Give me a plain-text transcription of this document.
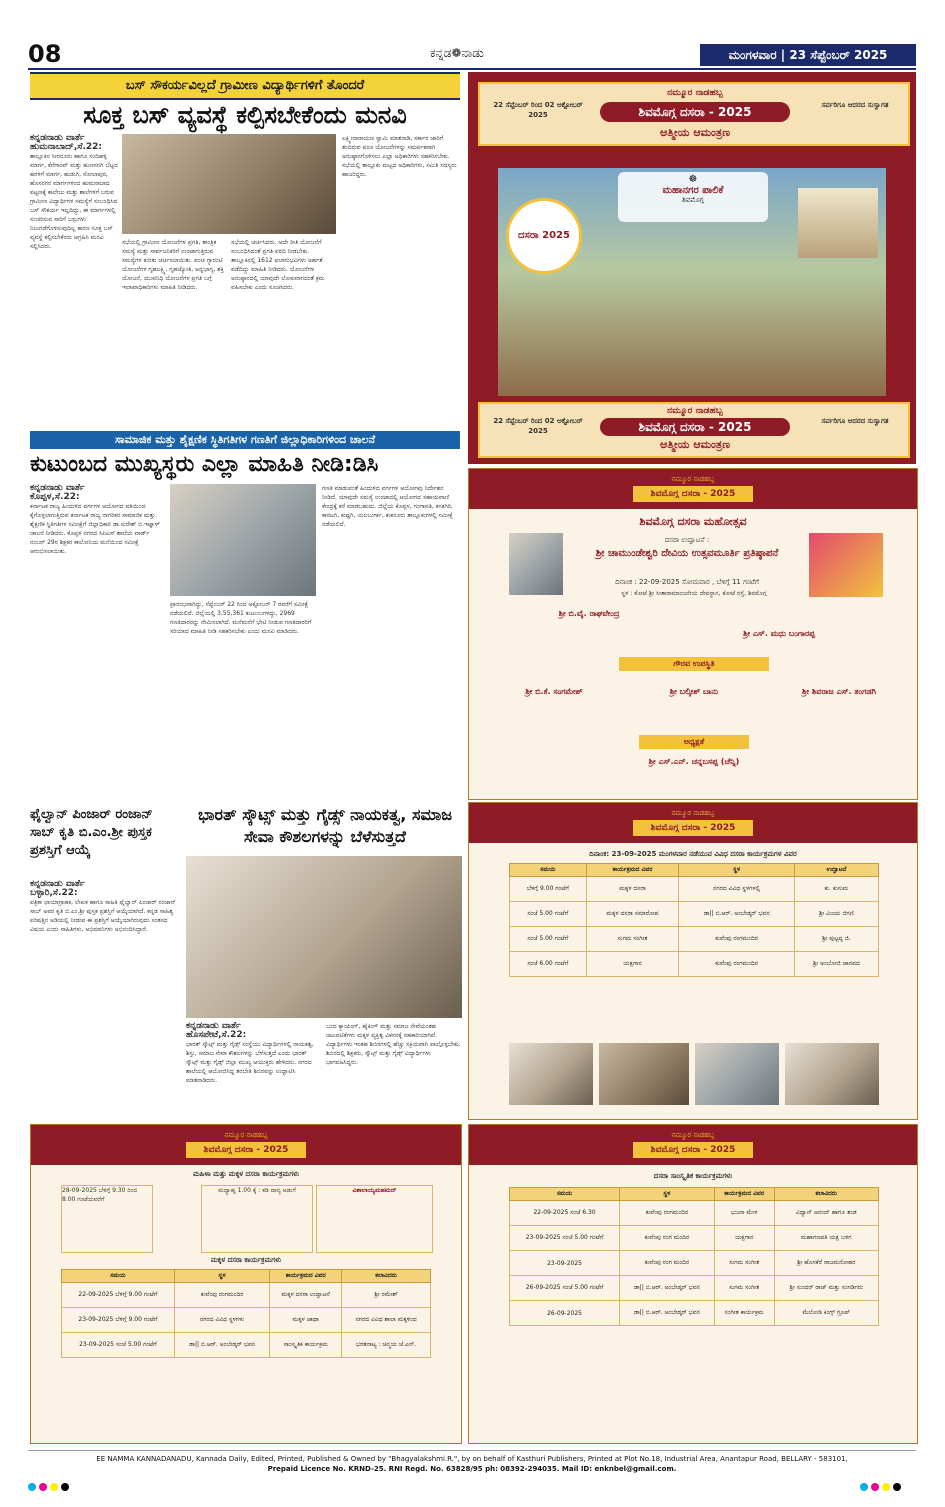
08	ಕನ್ನಡ❁ನಾಡು	ಮಂಗಳವಾರ | 23 ಸೆಪ್ಟೆಂಬರ್ 2025
ಬಸ್ ಸೌಕರ್ಯವಿಲ್ಲದೆ ಗ್ರಾಮೀಣ ವಿದ್ಯಾರ್ಥಿಗಳಿಗೆ ತೊಂದರೆ
ಸೂಕ್ತ ಬಸ್ ವ್ಯವಸ್ಥೆ ಕಲ್ಪಿಸಬೇಕೆಂದು ಮನವಿ

ಕನ್ನಡನಾಡು ವಾರ್ತೆ

ಹುಮನಾಬಾದ್,ಸೆ.22:

ತಾಲ್ಲೂಕಿನ ಸೀರನೂರು ಹಾಗೂ ಸಂದಿಹಳ್ಳಿ ಮಾರ್ಗ, ಕೆರೆಗಾಂವ್ ಮತ್ತು ಹುಣಸನಗಿ ಬೆಟ್ಟದ ಹರಳಿಗೆ ಮಾರ್ಗ, ಹುಡುಗಿ, ಸೋಲಾಪುರ, ಹೊಸನಗರ ಮಾರ್ಗಗಳಿಂದ ಹುಮನಾಬಾದ ಪಟ್ಟಣಕ್ಕೆ ಕಾಲೇಜು ಮತ್ತು ಶಾಲೆಗಳಿಗೆ ಬರುವ ಗ್ರಾಮೀಣ ವಿದ್ಯಾರ್ಥಿಗಳ ಸಮಸ್ಯೆಗೆ ಸಂಬಂಧಿಸಿದ ಬಸ್ ಸೌಕರ್ಯ ಇಲ್ಲದಿದ್ದು, ಈ ಮಾರ್ಗಗಳಲ್ಲಿ ಸಂಚರಿಸುವ ಸಾರಿಗೆ ಬಸ್ಸುಗಳು ನಿಲುಗಡೆಗೊಳಿಸುವುದಿಲ್ಲ ಕಾರಣ ಸೂಕ್ತ ಬಸ್ ವ್ಯವಸ್ಥೆ ಕಲ್ಪಿಸಬೇಕೆಂದು ಆಗ್ರಹಿಸಿ ಮನವಿ ಸಲ್ಲಿಸಿದರು.

ಸಭೆಯಲ್ಲಿ ಗ್ರಾಮೀಣ ಯೋಜನೆಗಳ ಪ್ರಗತಿ, ತಾಂತ್ರಿಕ ಸಮಸ್ಯೆ ಮತ್ತು ಸಾರ್ವಜನಿಕರಿಗೆ ಉಂಟಾಗುತ್ತಿರುವ ಸಮಸ್ಯೆಗಳ ಕುರಿತು ಚರ್ಚಿಸಲಾಯಿತು. ಪಂಚ ಗ್ಯಾರಂಟಿ ಯೋಜನೆಗಳ ಗೃಹಲಕ್ಷ್ಮಿ, ಗೃಹಜ್ಯೋತಿ, ಅನ್ನಭಾಗ್ಯ, ಶಕ್ತಿ ಯೋಜನೆ, ಯುವನಿಧಿ ಯೋಜನೆಗಳ ಪ್ರಗತಿ ಬಗ್ಗೆ ಇಲಾಖಾಧಿಕಾರಿಗಳು ಮಾಹಿತಿ ನೀಡಿದರು.

ಸಭೆಯಲ್ಲಿ ಚರ್ಚಿಸಿದರು. ಅದೇ ರೀತಿ ಯೋಜನೆಗೆ ಸಂಬಂಧಿಸಿದಂತೆ ಪ್ರಗತಿ ವರದಿ ನೀಡಬೇಕು. ತಾಲ್ಲೂಕಿನಲ್ಲಿ 1612 ಫಲಾನುಭವಿಗಳು ಅರ್ಹತೆ ಪಡೆದಿದ್ದು ಮಾಹಿತಿ ನೀಡಿದರು. ಯೋಜನೆಗಳ ಅನುಷ್ಠಾನದಲ್ಲಿ ಯಾವುದೇ ಲೋಪವಾಗದಂತೆ ಕ್ರಮ ವಹಿಸಬೇಕು ಎಂದು ಸೂಚಿಸಿದರು.

ಲಕ್ಷ್ಮೀನಾರಾಯಣ ಸ್ವಾಮಿ ಮಾತನಾಡಿ, ಸರ್ಕಾರ ಜಾರಿಗೆ ತಂದಿರುವ ಪಂಚ ಯೋಜನೆಗಳನ್ನು ಸಮರ್ಪಕವಾಗಿ ಅನುಷ್ಠಾನಗೊಳಿಸಲು ಎಲ್ಲಾ ಅಧಿಕಾರಿಗಳು ಸಹಕರಿಸಬೇಕು. ಸಭೆಯಲ್ಲಿ ತಾಲ್ಲೂಕು ಮಟ್ಟದ ಅಧಿಕಾರಿಗಳು, ಸಮಿತಿ ಸದಸ್ಯರು ಹಾಜರಿದ್ದರು.

ಸಾಮಾಜಿಕ ಮತ್ತು ಶೈಕ್ಷಣಿಕ ಸ್ಥಿತಿಗತಿಗಳ ಗಣತಿಗೆ ಜಿಲ್ಲಾಧಿಕಾರಿಗಳಿಂದ ಚಾಲನೆ
ಕುಟುಂಬದ ಮುಖ್ಯಸ್ಥರು ಎಲ್ಲಾ ಮಾಹಿತಿ ನೀಡಿ:ಡಿಸಿ

ಕನ್ನಡನಾಡು ವಾರ್ತೆ

ಕೊಪ್ಪಳ,ಸೆ.22:

ಕರ್ನಾಟಕ ರಾಜ್ಯ ಹಿಂದುಳಿದ ವರ್ಗಗಳ ಆಯೋಗದ ವತಿಯಿಂದ ಕೈಗೊಳ್ಳಲಾಗುತ್ತಿರುವ ಕರ್ನಾಟಕ ರಾಜ್ಯ ನಾಗರಿಕರ ಸಾಮಾಜಿಕ ಮತ್ತು ಶೈಕ್ಷಣಿಕ ಸ್ಥಿತಿಗತಿಗಳ ಸಮೀಕ್ಷೆಗೆ ಜಿಲ್ಲಾಧಿಕಾರಿ ಡಾ.ಸುರೇಶ್ ಬಿ.ಇಟ್ನಾಳ್ ಚಾಲನೆ ನೀಡಿದರು. ಕೊಪ್ಪಳ ನಗರದ ಸಿಪಿಎಸ್ ಶಾಲೆಯ ವಾರ್ಡ್ ನಂಬರ್ 29ರ ಶಿಕ್ಷಕರ ಕಾಲೋನಿಯ ಮನೆಯಿಂದ ಸಮೀಕ್ಷೆ ಆರಂಭಿಸಲಾಯಿತು.

ಪ್ರಾರಂಭವಾಗಿದ್ದು, ಸೆಪ್ಟೆಂಬರ್ 22 ರಿಂದ ಅಕ್ಟೋಬರ್ 7 ರವರೆಗೆ ಸಮೀಕ್ಷೆ ನಡೆಯಲಿದೆ. ಜಿಲ್ಲೆಯಲ್ಲಿ 3,55,361 ಕುಟುಂಬಗಳಿದ್ದು, 2969 ಗಣತಿದಾರರನ್ನು ನೇಮಿಸಲಾಗಿದೆ. ಮನೆಮನೆಗೆ ಭೇಟಿ ನೀಡುವ ಗಣತಿದಾರರಿಗೆ ಸರಿಯಾದ ಮಾಹಿತಿ ನೀಡಿ ಸಹಕರಿಸಬೇಕು ಎಂದು ಮನವಿ ಮಾಡಿದರು.

ಗಣತಿ ಮಾಡುವಂತೆ ಹಿಂದುಳಿದ ವರ್ಗಗಳ ಆಯೋಗವು ನಿರ್ದೇಶನ ನೀಡಿದೆ. ಯಾವುದೇ ಸಮಸ್ಯೆ ಉಂಟಾದಲ್ಲಿ ಆಯೋಗದ ಸಹಾಯವಾಣಿ ಕೇಂದ್ರಕ್ಕೆ ಕರೆ ಮಾಡಬಹುದು. ಜಿಲ್ಲೆಯ ಕೊಪ್ಪಳ, ಗಂಗಾವತಿ, ಕನಕಗಿರಿ, ಕಾರಟಗಿ, ಕುಷ್ಟಗಿ, ಯಲಬುರ್ಗಾ, ಕುಕನೂರು ತಾಲ್ಲೂಕುಗಳಲ್ಲಿ ಸಮೀಕ್ಷೆ ನಡೆಯಲಿದೆ.

ಫೈಲ್ವಾನ್ ಪಿಂಜಾರ್ ರಂಜಾನ್ ಸಾಬ್ ಕೃತಿ ಬಿ.ಎಂ.ಶ್ರೀ ಪುಸ್ತಕ ಪ್ರಶಸ್ತಿಗೆ ಆಯ್ಕೆ

ಕನ್ನಡನಾಡು ವಾರ್ತೆ

ಬಳ್ಳಾರಿ,ಸೆ.22:

ಪತ್ರಿಕಾ ಛಾಯಾಗ್ರಾಹಕ, ಲೇಖಕ ಹಾಗೂ ಸಾಹಿತಿ ಫೈಲ್ವಾನ್ ಪಿಂಜಾರ್ ರಂಜಾನ್ ಸಾಬ್ ಅವರ ಕೃತಿ ಬಿ.ಎಂ.ಶ್ರೀ ಪುಸ್ತಕ ಪ್ರಶಸ್ತಿಗೆ ಆಯ್ಕೆಯಾಗಿದೆ. ಕನ್ನಡ ಸಾಹಿತ್ಯ ಪರಿಷತ್ತಿನ ಅಡಿಯಲ್ಲಿ ನೀಡುವ ಈ ಪ್ರಶಸ್ತಿಗೆ ಆಯ್ಕೆಯಾಗಿರುವುದು ಸಂತಸದ ವಿಷಯ ಎಂದು ಸಾಹಿತಿಗಳು, ಅಭಿಮಾನಿಗಳು ಅಭಿನಂದಿಸಿದ್ದಾರೆ.

ಭಾರತ್ ಸ್ಕೌಟ್ಸ್ ಮತ್ತು ಗೈಡ್ಸ್ ನಾಯಕತ್ವ, ಸಮಾಜ ಸೇವಾ ಕೌಶಲಗಳನ್ನು ಬೆಳೆಸುತ್ತದೆ

ಕನ್ನಡನಾಡು ವಾರ್ತೆ

ಹೊಸಪೇಟೆ,ಸೆ.22:

ಭಾರತ್ ಸ್ಕೌಟ್ಸ್ ಮತ್ತು ಗೈಡ್ಸ್ ಸಂಸ್ಥೆಯು ವಿದ್ಯಾರ್ಥಿಗಳಲ್ಲಿ ನಾಯಕತ್ವ, ಶಿಸ್ತು, ಸಮಾಜ ಸೇವಾ ಕೌಶಲಗಳನ್ನು ಬೆಳೆಸುತ್ತದೆ ಎಂದು ಭಾರತ್ ಸ್ಕೌಟ್ಸ್ ಮತ್ತು ಗೈಡ್ಸ್ ಜಿಲ್ಲಾ ಮುಖ್ಯ ಆಯುಕ್ತರು ಹೇಳಿದರು. ನಗರದ ಶಾಲೆಯಲ್ಲಿ ಆಯೋಜಿಸಿದ್ದ ತರಬೇತಿ ಶಿಬಿರವನ್ನು ಉದ್ಘಾಟಿಸಿ ಮಾತನಾಡಿದರು.

ಬಂದ ಕ್ಯಾಂಪಿಂಗ್, ಹೈಕಿಂಗ್ ಮತ್ತು ಸಮಾಜ ಸೇವೆಯಂತಹ ಚಟುವಟಿಕೆಗಳು ಮಕ್ಕಳ ವ್ಯಕ್ತಿತ್ವ ವಿಕಸನಕ್ಕೆ ಸಹಕಾರಿಯಾಗಿವೆ. ವಿದ್ಯಾರ್ಥಿಗಳು ಇಂತಹ ಶಿಬಿರಗಳಲ್ಲಿ ಹೆಚ್ಚು ಸಕ್ರಿಯವಾಗಿ ಪಾಲ್ಗೊಳ್ಳಬೇಕು. ಶಿಬಿರದಲ್ಲಿ ಶಿಕ್ಷಕರು, ಸ್ಕೌಟ್ಸ್ ಮತ್ತು ಗೈಡ್ಸ್ ವಿದ್ಯಾರ್ಥಿಗಳು ಭಾಗವಹಿಸಿದ್ದರು.

22 ಸೆಪ್ಟೆಂಬರ್ ರಿಂದ 02 ಅಕ್ಟೋಬರ್ 2025
ನಮ್ಮೂರ ನಾಡಹಬ್ಬ
ಶಿವಮೊಗ್ಗ ದಸರಾ - 2025
ಆತ್ಮೀಯ ಆಮಂತ್ರಣ
ಸರ್ವರಿಗೂ ಆದರದ ಸುಸ್ವಾಗತ
ದಸರಾ 2025
☸
ಮಹಾನಗರ ಪಾಲಿಕೆ
ಶಿವಮೊಗ್ಗ
22 ಸೆಪ್ಟೆಂಬರ್ ರಿಂದ 02 ಅಕ್ಟೋಬರ್ 2025
ನಮ್ಮೂರ ನಾಡಹಬ್ಬ
ಶಿವಮೊಗ್ಗ ದಸರಾ - 2025
ಆತ್ಮೀಯ ಆಮಂತ್ರಣ
ಸರ್ವರಿಗೂ ಆದರದ ಸುಸ್ವಾಗತ
ನಮ್ಮೂರ ನಾಡಹಬ್ಬ
ಶಿವಮೊಗ್ಗ ದಸರಾ - 2025
ಶಿವಮೊಗ್ಗ ದಸರಾ ಮಹೋತ್ಸವ
ದಸರಾ ಉದ್ಘಾಟನೆ :
ಶ್ರೀ ಚಾಮುಂಡೇಶ್ವರಿ ದೇವಿಯ ಉತ್ಸವಮೂರ್ತಿ ಪ್ರತಿಷ್ಠಾಪನೆ
ದಿನಾಂಕ : 22-09-2025 ಸೋಮವಾರ , ಬೆಳಿಗ್ಗೆ 11 ಗಂಟೆಗೆ
ಸ್ಥಳ : ಕೋಟೆ ಶ್ರೀ ಸೀತಾರಾಮಾಂಜನೇಯ ದೇವಸ್ಥಾನ, ಕೋಟೆ ರಸ್ತೆ, ಶಿವಮೊಗ್ಗ
ಶ್ರೀ ಬಿ.ವೈ. ರಾಘವೇಂದ್ರ
ಶ್ರೀ ಎಸ್. ಮಧು ಬಂಗಾರಪ್ಪ
ಗೌರವ ಉಪಸ್ಥಿತಿ
ಶ್ರೀ ಬಿ.ಕೆ. ಸಂಗಮೇಶ್	ಶ್ರೀ ಬಲ್ಕೀಶ್ ಬಾನು	ಶ್ರೀ ಶಿವರಾಜ ಎಸ್. ತಂಗಡಗಿ
ಅಧ್ಯಕ್ಷತೆ
ಶ್ರೀ ಎಸ್.ಎನ್. ಚನ್ನಬಸಪ್ಪ (ಚೆನ್ನಿ)
ನಮ್ಮೂರ ನಾಡಹಬ್ಬ
ಶಿವಮೊಗ್ಗ ದಸರಾ - 2025
ದಿನಾಂಕ: 23-09-2025 ಮಂಗಳವಾರ ನಡೆಯುವ ವಿವಿಧ ದಸರಾ ಕಾರ್ಯಕ್ರಮಗಳ ವಿವರ
ಸಮಯ	ಕಾರ್ಯಕ್ರಮದ ವಿವರ	ಸ್ಥಳ	ಉದ್ಘಾಟನೆ
ಬೆಳಿಗ್ಗೆ 9.00 ಗಂಟೆಗೆ	ಮಕ್ಕಳ ದಸರಾ	ನಗರದ ವಿವಿಧ ಸ್ಥಳಗಳಲ್ಲಿ	ಕು. ಕುಸುಮ
ಸಂಜೆ 5.00 ಗಂಟೆಗೆ	ಮಕ್ಕಳ ದಸರಾ ಸಮಾರೋಪ	ಡಾ|| ಬಿ.ಆರ್. ಅಂಬೇಡ್ಕರ್ ಭವನ	ಶ್ರೀ ವಿಜಯ ಜಿಗಣಿ
ಸಂಜೆ 5.00 ಗಂಟೆಗೆ	ಸುಗಮ ಸಂಗೀತ	ಕುವೆಂಪು ರಂಗಮಂದಿರ	ಶ್ರೀ ಪುಟ್ಟಪ್ಪ ಜಿ.
ಸಂಜೆ 6.00 ಗಂಟೆಗೆ	ಯಕ್ಷಗಾನ	ಕುವೆಂಪು ರಂಗಮಂದಿರ	ಶ್ರೀ ಅಂಬೋಜಿ ಜಾನಪದ
ನಮ್ಮೂರ ನಾಡಹಬ್ಬ
ಶಿವಮೊಗ್ಗ ದಸರಾ - 2025
ಮಹಿಳಾ ಮತ್ತು ಮಕ್ಕಳ ದಸರಾ ಕಾರ್ಯಕ್ರಮಗಳು
28-09-2025 ಬೆಳಿಗ್ಗೆ 9.30 ರಿಂದ 8.00 ಗಂಟೆಯವರೆಗೆ
ಮಧ್ಯಾಹ್ನ 1.00 ಕ್ಕೆ : ಕಡಿ ದಾನ್ಯ ಅಡುಗೆ	ವಿಶಾಲಾಯ್ಯಮಹಮದ್
ಮಕ್ಕಳ ದಸರಾ ಕಾರ್ಯಕ್ರಮಗಳು
ಸಮಯ	ಸ್ಥಳ	ಕಾರ್ಯಕ್ರಮದ ವಿವರ	ಕಲಾವಿದರು
22-09-2025 ಬೆಳಿಗ್ಗೆ 9.00 ಗಂಟೆಗೆ	ಕುವೆಂಪು ರಂಗಮಂದಿರ	ಮಕ್ಕಳ ದಸರಾ ಉದ್ಘಾಟನೆ	ಶ್ರೀ ರಮೇಶ್
23-09-2025 ಬೆಳಿಗ್ಗೆ 9.00 ಗಂಟೆಗೆ	ನಗರದ ವಿವಿಧ ಸ್ಥಳಗಳು	ಮಕ್ಕಳ ಜಾಥಾ	ನಗರದ ವಿವಿಧ ಶಾಲಾ ಮಕ್ಕಳಿಂದ
23-09-2025 ಸಂಜೆ 5.00 ಗಂಟೆಗೆ	ಡಾ|| ಬಿ.ಆರ್. ಅಂಬೇಡ್ಕರ್ ಭವನ	ಸಾಂಸ್ಕೃತಿಕ ಕಾರ್ಯಕ್ರಮ	ಭರತನಾಟ್ಯ : ಚಿನ್ಮಯ ಜೆ.ಎನ್.
ನಮ್ಮೂರ ನಾಡಹಬ್ಬ
ಶಿವಮೊಗ್ಗ ದಸರಾ - 2025
ದಸರಾ ಸಾಂಸ್ಕೃತಿಕ ಕಾರ್ಯಕ್ರಮಗಳು
ಸಮಯ	ಸ್ಥಳ	ಕಾರ್ಯಕ್ರಮದ ವಿವರ	ಕಲಾವಿದರು
22-09-2025 ಸಂಜೆ 6.30	ಕುವೆಂಪು ರಂಗಮಂದಿರ	ಭಜನಾ ಮೇಳ	ವಿದ್ವಾನ್ ಆನಂದ್ ಹಾಗೂ ತಂಡ
23-09-2025 ಸಂಜೆ 5.00 ಗಂಟೆಗೆ	ಕುವೆಂಪು ರಂಗ ಮಂದಿರ	ಯಕ್ಷಗಾನ	ಮಹಾಗಣಪತಿ ಯಕ್ಷ ಬಳಗ
23-09-2025	ಕುವೆಂಪು ರಂಗ ಮಂದಿರ	ಸುಗಮ ಸಂಗೀತ	ಶ್ರೀ ಹೊಸಕೆರೆ ರಾಜಮನೋಹರ
26-09-2025 ಸಂಜೆ 5.00 ಗಂಟೆಗೆ	ಡಾ|| ಬಿ.ಆರ್. ಅಂಬೇಡ್ಕರ್ ಭವನ	ಸುಗಮ ಸಂಗೀತ	ಶ್ರೀ ಸುಂದರ್ ರಾಜ್ ಮತ್ತು ಸಂಗಡಿಗರು
26-09-2025	ಡಾ|| ಬಿ.ಆರ್. ಅಂಬೇಡ್ಕರ್ ಭವನ	ಸಂಗೀತ ಕಾರ್ಯಕ್ರಮ	ಮೆಲೋಡಿ ಕಿಂಗ್ಸ್ ಗ್ರೂಪ್
EE NAMMA KANNADANADU, Kannada Daily, Edited, Printed, Published & Owned by "Bhagyalakshmi.R.", by on behalf of Kasthuri Publishers, Printed at Plot No.18, Industrial Area, Anantapur Road, BELLARY - 583101,
Prepaid Licence No. KRND-25. RNI Regd. No. 63828/95 ph: 08392-294035. Mail ID: enknbel@gmail.com.
